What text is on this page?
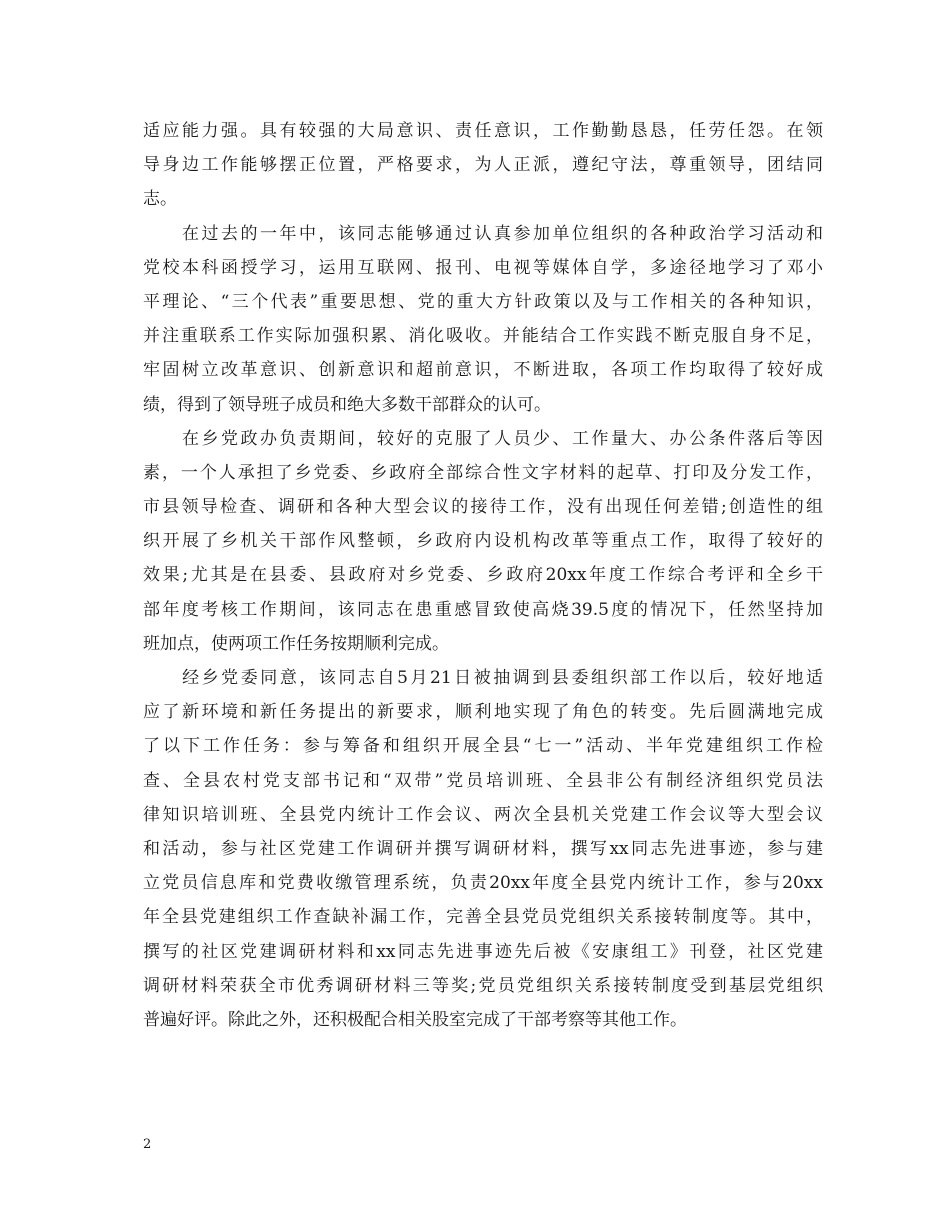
适应能力强。具有较强的大局意识、责任意识，工作勤勤恳恳，任劳任怨。在领
导身边工作能够摆正位置，严格要求，为人正派，遵纪守法，尊重领导，团结同
志。
　　在过去的一年中，该同志能够通过认真参加单位组织的各种政治学习活动和
党校本科函授学习，运用互联网、报刊、电视等媒体自学，多途径地学习了邓小
平理论、“三个代表”重要思想、党的重大方针政策以及与工作相关的各种知识，
并注重联系工作实际加强积累、消化吸收。并能结合工作实践不断克服自身不足，
牢固树立改革意识、创新意识和超前意识，不断进取，各项工作均取得了较好成
绩，得到了领导班子成员和绝大多数干部群众的认可。
　　在乡党政办负责期间，较好的克服了人员少、工作量大、办公条件落后等因
素，一个人承担了乡党委、乡政府全部综合性文字材料的起草、打印及分发工作，
市县领导检查、调研和各种大型会议的接待工作，没有出现任何差错;创造性的组
织开展了乡机关干部作风整顿，乡政府内设机构改革等重点工作，取得了较好的
效果;尤其是在县委、县政府对乡党委、乡政府20xx年度工作综合考评和全乡干
部年度考核工作期间，该同志在患重感冒致使高烧39.5度的情况下，任然坚持加
班加点，使两项工作任务按期顺利完成。
　　经乡党委同意，该同志自5月21日被抽调到县委组织部工作以后，较好地适
应了新环境和新任务提出的新要求，顺利地实现了角色的转变。先后圆满地完成
了以下工作任务：参与筹备和组织开展全县“七一”活动、半年党建组织工作检
查、全县农村党支部书记和“双带”党员培训班、全县非公有制经济组织党员法
律知识培训班、全县党内统计工作会议、两次全县机关党建工作会议等大型会议
和活动，参与社区党建工作调研并撰写调研材料，撰写xx同志先进事迹，参与建
立党员信息库和党费收缴管理系统，负责20xx年度全县党内统计工作，参与20xx
年全县党建组织工作查缺补漏工作，完善全县党员党组织关系接转制度等。其中，
撰写的社区党建调研材料和xx同志先进事迹先后被《安康组工》刊登，社区党建
调研材料荣获全市优秀调研材料三等奖;党员党组织关系接转制度受到基层党组织
普遍好评。除此之外，还积极配合相关股室完成了干部考察等其他工作。
2
